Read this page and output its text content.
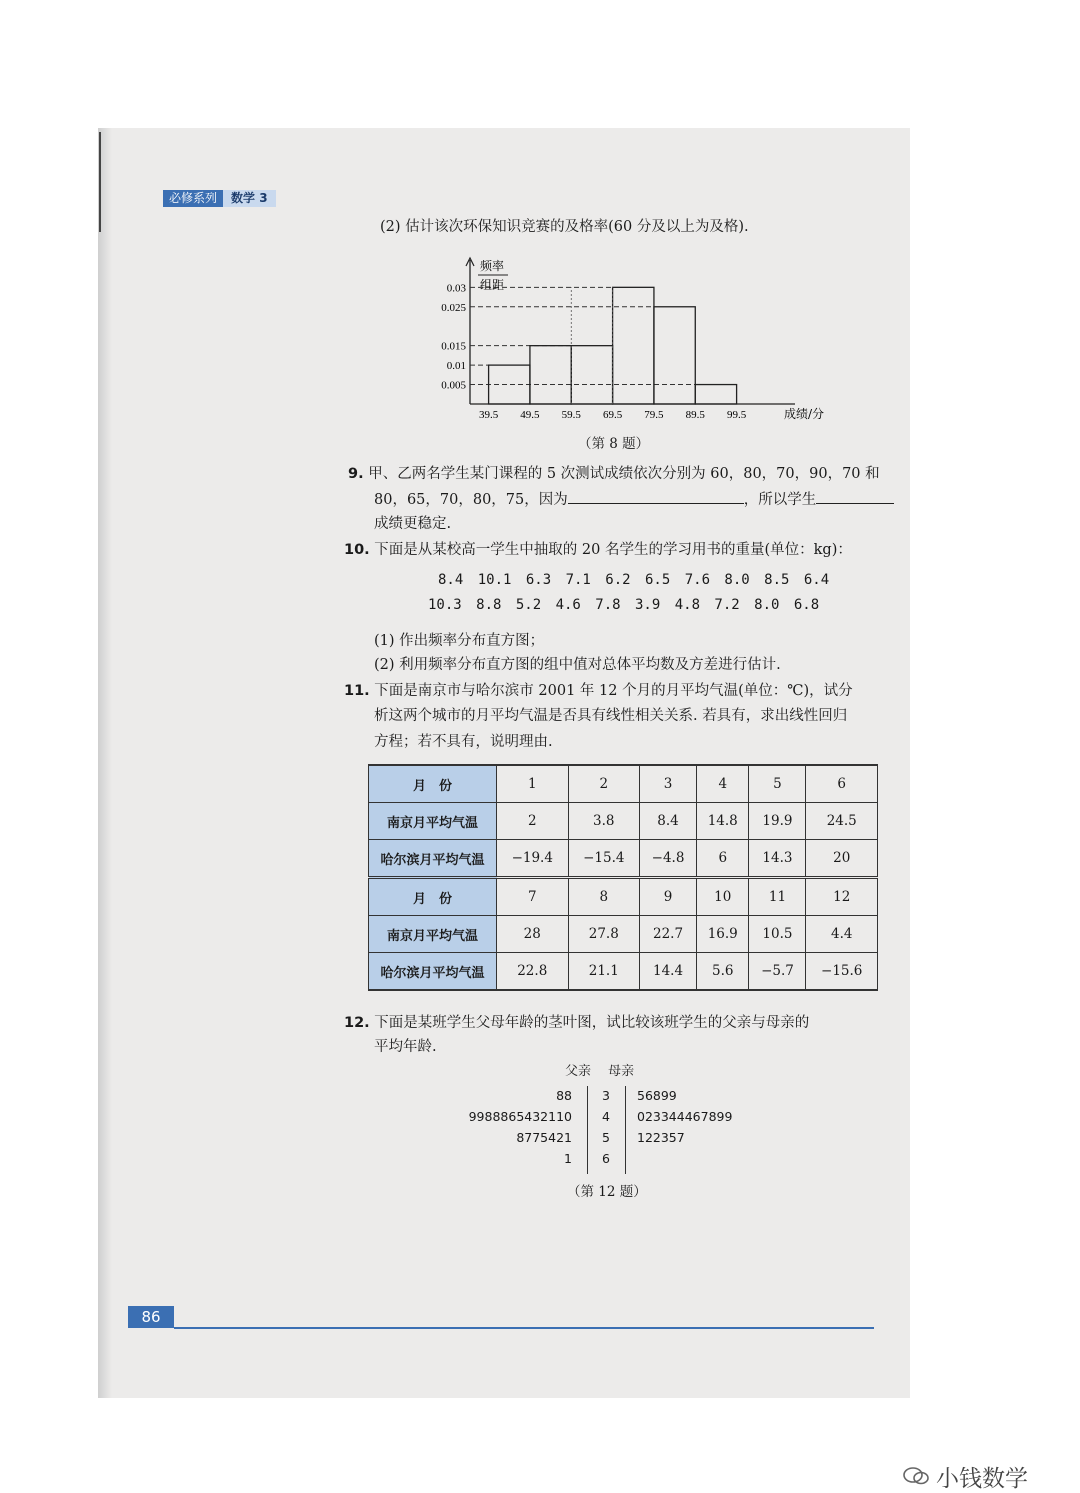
必修系列	数学 3
(2) 估计该次环保知识竞赛的及格率(60 分及以上为及格).
0.03
0.025
0.015
0.01
0.005
39.5 49.5 59.5 69.5 79.5 89.5 99.5	成绩/分
频率
组距
（第 8 题）
9. 甲、乙两名学生某门课程的 5 次测试成绩依次分别为 60，80，70，90，70 和
80，65，70，80，75，因为	，所以学生
成绩更稳定.
10. 下面是从某校高一学生中抽取的 20 名学生的学习用书的重量(单位：kg)：
8.4 10.1 6.3 7.1 6.2 6.5 7.6 8.0 8.5 6.4
10.3 8.8 5.2 4.6 7.8 3.9 4.8 7.2 8.0 6.8
(1) 作出频率分布直方图；
(2) 利用频率分布直方图的组中值对总体平均数及方差进行估计.
11. 下面是南京市与哈尔滨市 2001 年 12 个月的月平均气温(单位：℃)，试分
析这两个城市的月平均气温是否具有线性相关关系. 若具有，求出线性回归
方程；若不具有，说明理由.
月　份	1	2	3	4	5	6
南京月平均气温	2	3.8	8.4	14.8	19.9	24.5
哈尔滨月平均气温	−19.4	−15.4	−4.8	6	14.3	20
月　份	7	8	9	10	11	12
南京月平均气温	28	27.8	22.7	16.9	10.5	4.4
哈尔滨月平均气温	22.8	21.1	14.4	5.6	−5.7	−15.6
12. 下面是某班学生父母年龄的茎叶图，试比较该班学生的父亲与母亲的
平均年龄.
父亲　 母亲
88 3 56899
9988865432110 4 023344467899
8775421 5 122357
1 6
（第 12 题）
86
小钱数学
